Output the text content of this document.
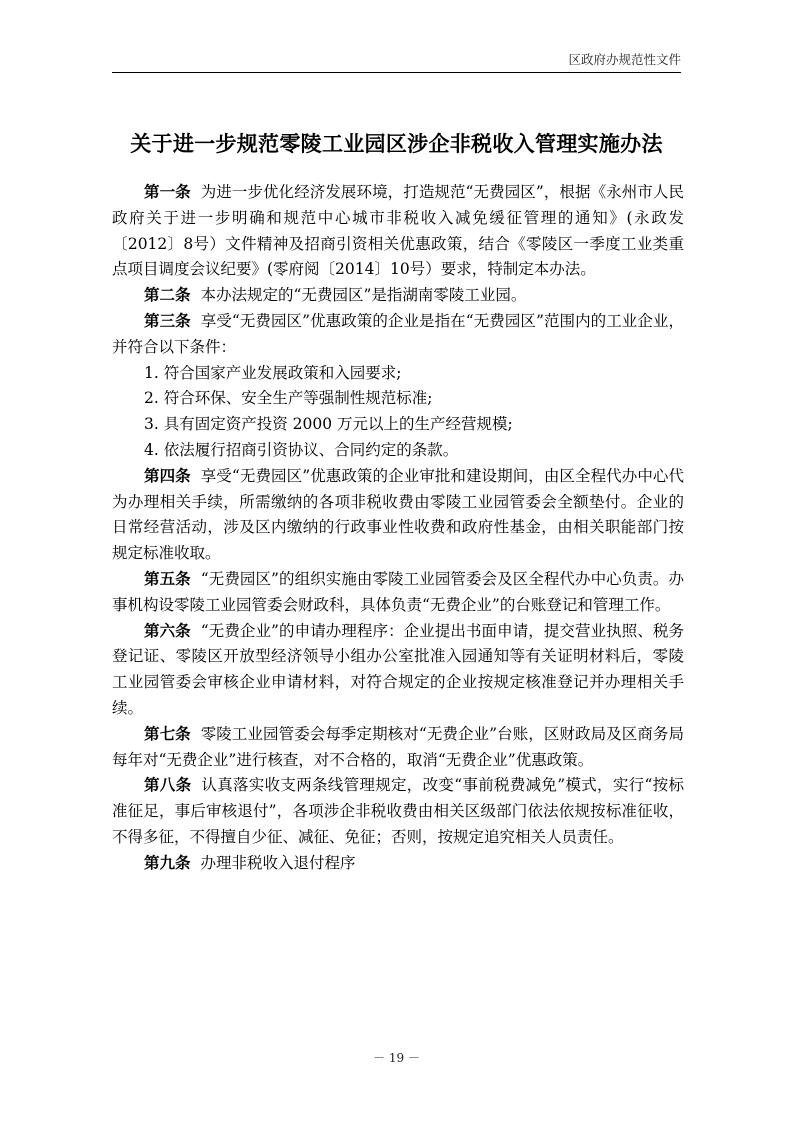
区政府办规范性文件
关于进一步规范零陵工业园区涉企非税收入管理实施办法

第一条 为进一步优化经济发展环境，打造规范“无费园区”，根据《永州市人民政府关于进一步明确和规范中心城市非税收入减免缓征管理的通知》(永政发〔2012〕8号）文件精神及招商引资相关优惠政策，结合《零陵区一季度工业类重点项目调度会议纪要》(零府阅〔2014〕10号）要求，特制定本办法。

第二条 本办法规定的“无费园区”是指湖南零陵工业园。

第三条 享受“无费园区”优惠政策的企业是指在“无费园区”范围内的工业企业，并符合以下条件：

1. 符合国家产业发展政策和入园要求;

2. 符合环保、安全生产等强制性规范标准;

3. 具有固定资产投资 2000 万元以上的生产经营规模;

4. 依法履行招商引资协议、合同约定的条款。

第四条 享受“无费园区”优惠政策的企业审批和建设期间，由区全程代办中心代为办理相关手续，所需缴纳的各项非税收费由零陵工业园管委会全额垫付。企业的日常经营活动，涉及区内缴纳的行政事业性收费和政府性基金，由相关职能部门按规定标准收取。

第五条 “无费园区”的组织实施由零陵工业园管委会及区全程代办中心负责。办事机构设零陵工业园管委会财政科，具体负责“无费企业”的台账登记和管理工作。

第六条 “无费企业”的申请办理程序：企业提出书面申请，提交营业执照、税务登记证、零陵区开放型经济领导小组办公室批准入园通知等有关证明材料后，零陵工业园管委会审核企业申请材料，对符合规定的企业按规定核准登记并办理相关手续。

第七条 零陵工业园管委会每季定期核对“无费企业”台账，区财政局及区商务局每年对“无费企业”进行核查，对不合格的，取消“无费企业”优惠政策。

第八条 认真落实收支两条线管理规定，改变“事前税费减免”模式，实行“按标准征足，事后审核退付”，各项涉企非税收费由相关区级部门依法依规按标准征收，不得多征，不得擅自少征、减征、免征；否则，按规定追究相关人员责任。

第九条 办理非税收入退付程序

－ 19 －
